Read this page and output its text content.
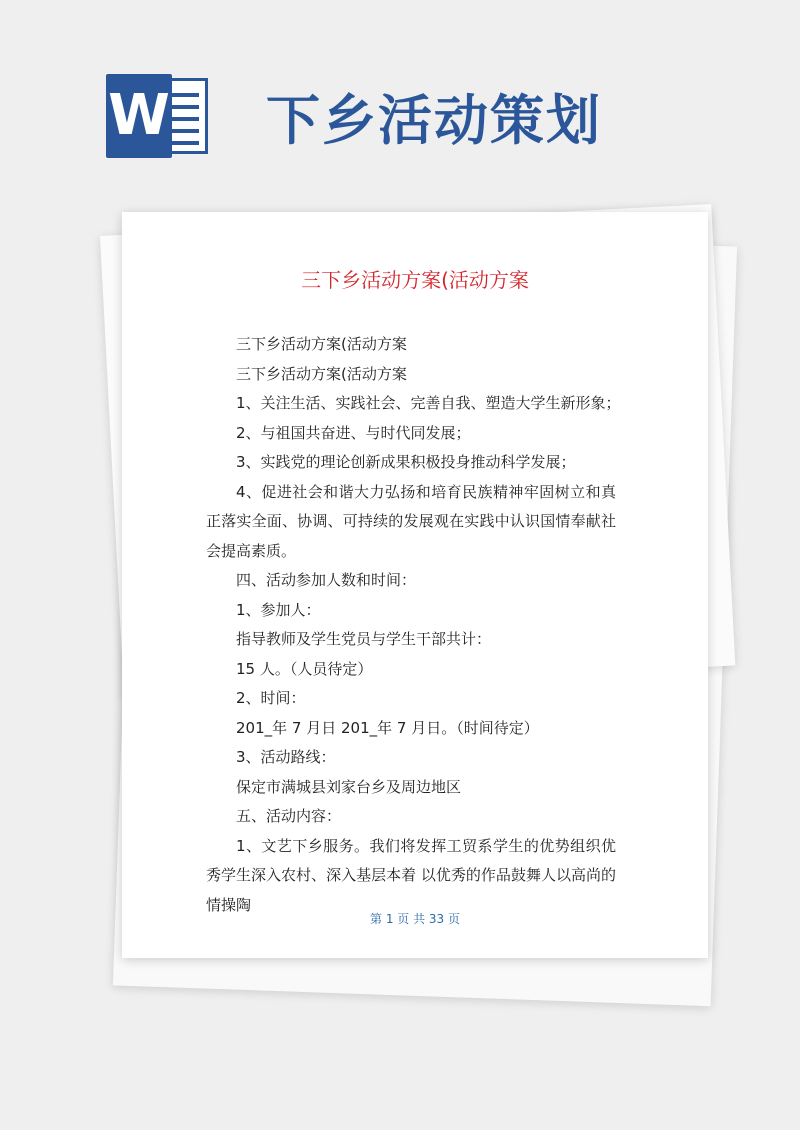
W 下乡活动策划
三下乡活动方案(活动方案
三下乡活动方案(活动方案
三下乡活动方案(活动方案
1、关注生活、实践社会、完善自我、塑造大学生新形象；
2、与祖国共奋进、与时代同发展；
3、实践党的理论创新成果积极投身推动科学发展；
4、促进社会和谐大力弘扬和培育民族精神牢固树立和真正落实全面、协调、可持续的发展观在实践中认识国情奉献社会提高素质。
四、活动参加人数和时间：
1、参加人：
指导教师及学生党员与学生干部共计：
15 人。（人员待定）
2、时间：
201_年 7 月日 201_年 7 月日。（时间待定）
3、活动路线：
保定市满城县刘家台乡及周边地区
五、活动内容：
1、文艺下乡服务。我们将发挥工贸系学生的优势组织优秀学生深入农村、深入基层本着 以优秀的作品鼓舞人以高尚的情操陶
第 1 页 共 33 页
